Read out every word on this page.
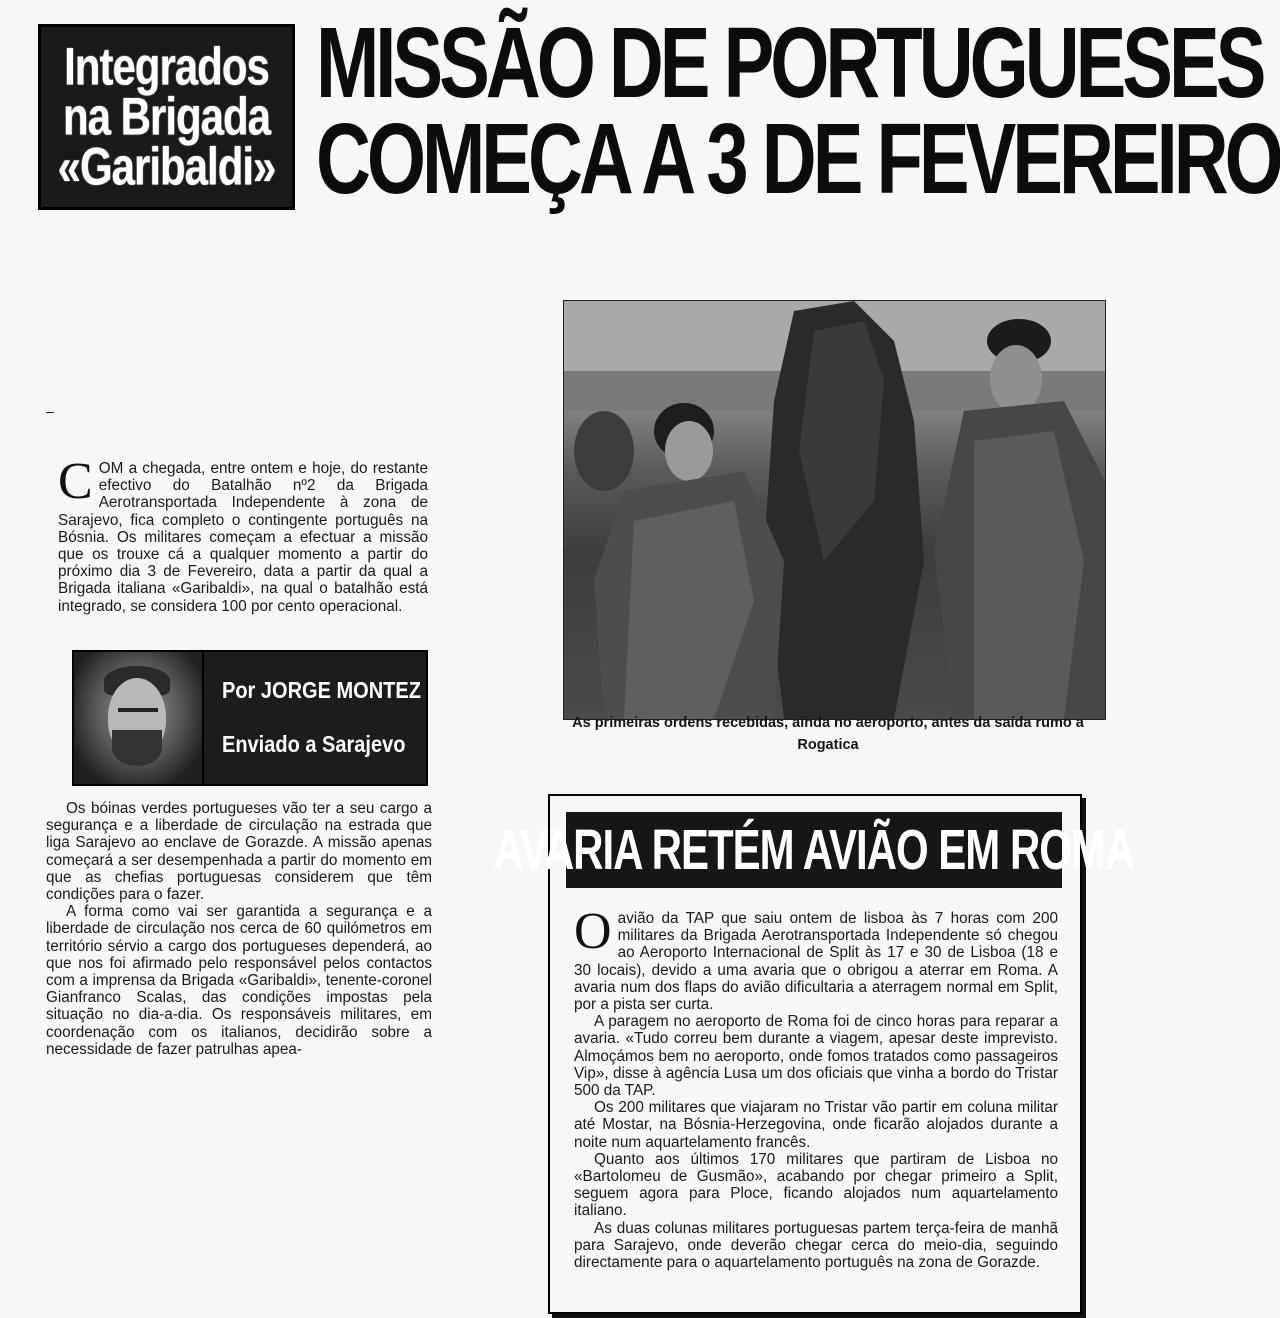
Integrados
na Brigada
«Garibaldi»
MISSÃO DE PORTUGUESES
COMEÇA A 3 DE FEVEREIRO
C OM a chegada, entre ontem e hoje, do restante efectivo do Batalhão nº2 da Brigada Aerotransportada Independente à zona de Sarajevo, fica completo o contingente português na Bósnia. Os militares começam a efectuar a missão que os trouxe cá a qualquer momento a partir do próximo dia 3 de Fevereiro, data a partir da qual a Brigada italiana «Garibaldi», na qual o batalhão está integrado, se considera 100 por cento operacional.
Por JORGE MONTEZ
Enviado a Sarajevo

Os bóinas verdes portugueses vão ter a seu cargo a segurança e a liberdade de circulação na estrada que liga Sarajevo ao enclave de Gorazde. A missão apenas começará a ser desempenhada a partir do momento em que as chefias portuguesas considerem que têm condições para o fazer.

A forma como vai ser garantida a segurança e a liberdade de circulação nos cerca de 60 quilómetros em território sérvio a cargo dos portugueses dependerá, ao que nos foi afirmado pelo responsável pelos contactos com a imprensa da Brigada «Garibaldi», tenente-coronel Gianfranco Scalas, das condições impostas pela situação no dia-a-dia. Os responsáveis militares, em coordenação com os italianos, decidirão sobre a necessidade de fazer patrulhas apea-

As primeiras ordens recebidas, ainda no aeroporto, antes da saída rumo a Rogatica
AVARIA RETÉM AVIÃO EM ROMA

Oavião da TAP que saiu ontem de lisboa às 7 horas com 200 militares da Brigada Aerotransportada Independente só chegou ao Aeroporto Internacional de Split às 17 e 30 de Lisboa (18 e 30 locais), devido a uma avaria que o obrigou a aterrar em Roma. A avaria num dos flaps do avião dificultaria a aterragem normal em Split, por a pista ser curta.

A paragem no aeroporto de Roma foi de cinco horas para reparar a avaria. «Tudo correu bem durante a viagem, apesar deste imprevisto. Almoçámos bem no aeroporto, onde fomos tratados como passageiros Vip», disse à agência Lusa um dos oficiais que vinha a bordo do Tristar 500 da TAP.

Os 200 militares que viajaram no Tristar vão partir em coluna militar até Mostar, na Bósnia-Herzegovina, onde ficarão alojados durante a noite num aquartelamento francês.

Quanto aos últimos 170 militares que partiram de Lisboa no «Bartolomeu de Gusmão», acabando por chegar primeiro a Split, seguem agora para Ploce, ficando alojados num aquartelamento italiano.

As duas colunas militares portuguesas partem terça-feira de manhã para Sarajevo, onde deverão chegar cerca do meio-dia, seguindo directamente para o aquartelamento português na zona de Gorazde.
